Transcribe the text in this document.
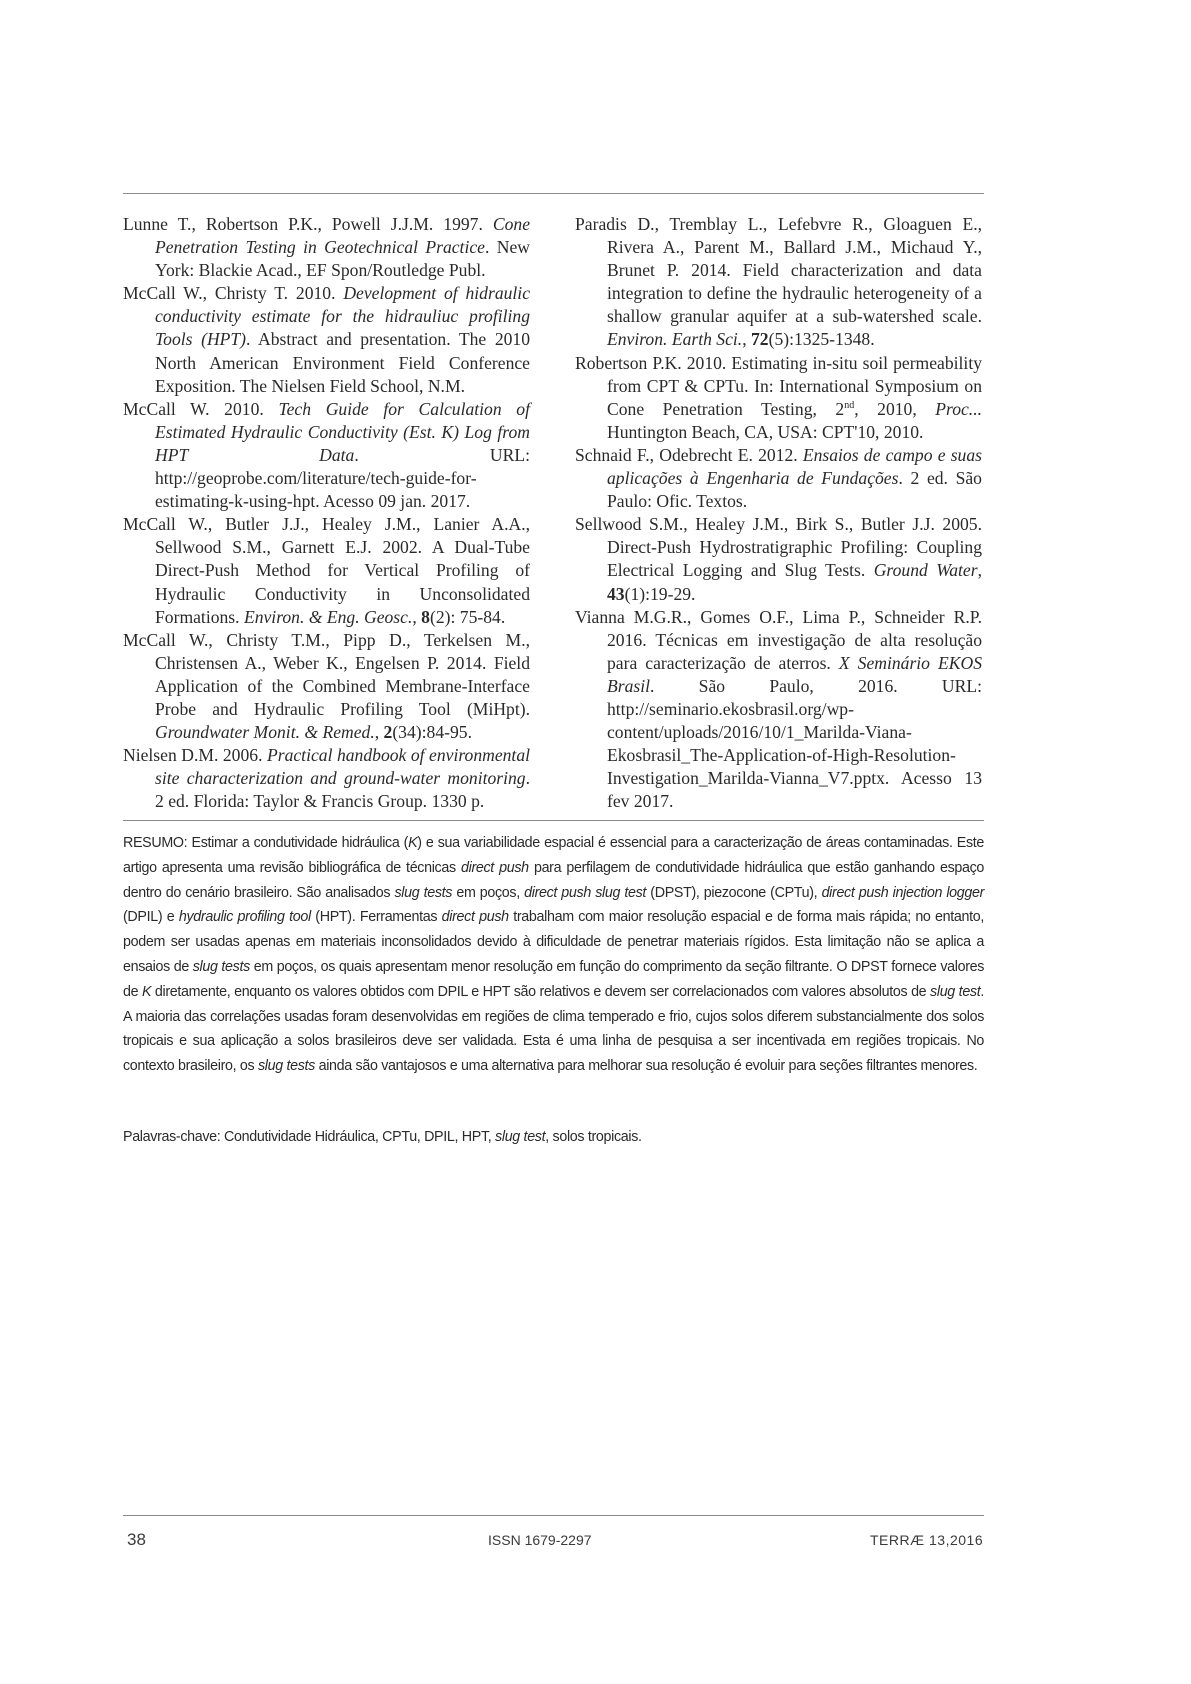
Lunne T., Robertson P.K., Powell J.J.M. 1997. Cone Penetration Testing in Geotechnical Practice. New York: Blackie Acad., EF Spon/Routledge Publ.

McCall W., Christy T. 2010. Development of hidraulic conductivity estimate for the hidrauliuc profiling Tools (HPT). Abstract and presentation. The 2010 North American Environment Field Conference Exposition. The Nielsen Field School, N.M.

McCall W. 2010. Tech Guide for Calculation of Estimated Hydraulic Conductivity (Est. K) Log from HPT Data. URL: http://geoprobe.com/literature/tech-guide-for-estimating-k-using-hpt. Acesso 09 jan. 2017.

McCall W., Butler J.J., Healey J.M., Lanier A.A., Sellwood S.M., Garnett E.J. 2002. A Dual-Tube Direct-Push Method for Vertical Profiling of Hydraulic Conductivity in Unconsolidated Formations. Environ. & Eng. Geosc., 8(2): 75-84.

McCall W., Christy T.M., Pipp D., Terkelsen M., Christensen A., Weber K., Engelsen P. 2014. Field Application of the Combined Membrane-Interface Probe and Hydraulic Profiling Tool (MiHpt). Groundwater Monit. & Remed., 2(34):84-95.

Nielsen D.M. 2006. Practical handbook of environmental site characterization and ground-water monitoring. 2 ed. Florida: Taylor & Francis Group. 1330 p.

Paradis D., Tremblay L., Lefebvre R., Gloaguen E., Rivera A., Parent M., Ballard J.M., Michaud Y., Brunet P. 2014. Field characterization and data integration to define the hydraulic heterogeneity of a shallow granular aquifer at a sub-watershed scale. Environ. Earth Sci., 72(5):1325-1348.

Robertson P.K. 2010. Estimating in-situ soil permeability from CPT & CPTu. In: International Symposium on Cone Penetration Testing, 2nd, 2010, Proc... Huntington Beach, CA, USA: CPT'10, 2010.

Schnaid F., Odebrecht E. 2012. Ensaios de campo e suas aplicações à Engenharia de Fundações. 2 ed. São Paulo: Ofic. Textos.

Sellwood S.M., Healey J.M., Birk S., Butler J.J. 2005. Direct-Push Hydrostratigraphic Profiling: Coupling Electrical Logging and Slug Tests. Ground Water, 43(1):19-29.

Vianna M.G.R., Gomes O.F., Lima P., Schneider R.P. 2016. Técnicas em investigação de alta resolução para caracterização de aterros. X Seminário EKOS Brasil. São Paulo, 2016. URL: http://seminario.ekosbrasil.org/wp-content/uploads/2016/10/1_Marilda-Viana-Ekosbrasil_The-Application-of-High-Resolution-Investigation_Marilda-Vianna_V7.pptx. Acesso 13 fev 2017.

RESUMO: Estimar a condutividade hidráulica (K) e sua variabilidade espacial é essencial para a caracterização de áreas contaminadas. Este artigo apresenta uma revisão bibliográfica de técnicas direct push para perfilagem de condutividade hidráulica que estão ganhando espaço dentro do cenário brasileiro. São analisados slug tests em poços, direct push slug test (DPST), piezocone (CPTu), direct push injection logger (DPIL) e hydraulic profiling tool (HPT). Ferramentas direct push trabalham com maior resolução espacial e de forma mais rápida; no entanto, podem ser usadas apenas em materiais inconsolidados devido à dificuldade de penetrar materiais rígidos. Esta limitação não se aplica a ensaios de slug tests em poços, os quais apresentam menor resolução em função do comprimento da seção filtrante. O DPST fornece valores de K diretamente, enquanto os valores obtidos com DPIL e HPT são relativos e devem ser correlacionados com valores absolutos de slug test. A maioria das correlações usadas foram desenvolvidas em regiões de clima temperado e frio, cujos solos diferem substancialmente dos solos tropicais e sua aplicação a solos brasileiros deve ser validada. Esta é uma linha de pesquisa a ser incentivada em regiões tropicais. No contexto brasileiro, os slug tests ainda são vantajosos e uma alternativa para melhorar sua resolução é evoluir para seções filtrantes menores.
Palavras-chave: Condutividade Hidráulica, CPTu, DPIL, HPT, slug test, solos tropicais.
38	ISSN 1679-2297	TERRÆ 13,2016
